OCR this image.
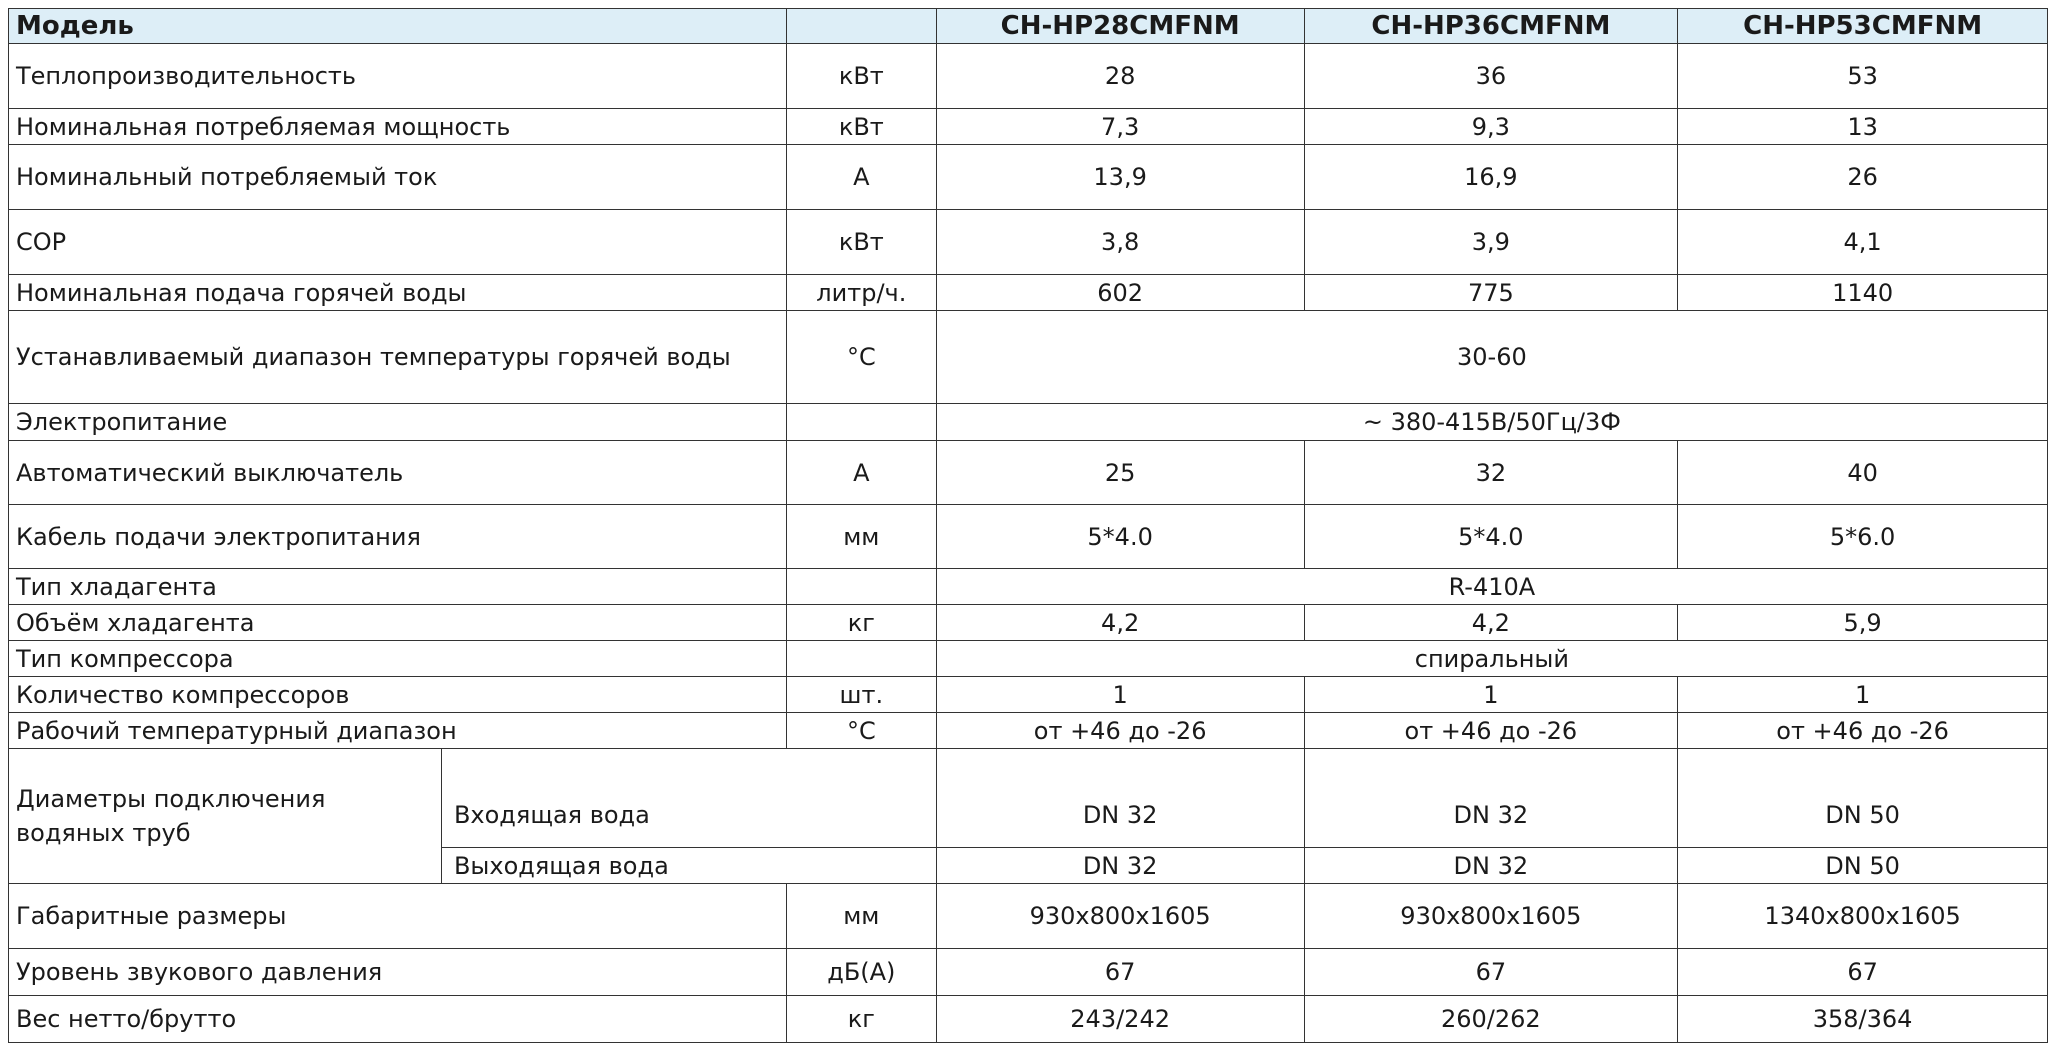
Модель			CH-HP28CMFNM	CH-HP36CMFNM	CH-HP53CMFNM
Теплопроизводительность		кВт	28	36	53
Номинальная потребляемая мощность		кВт	7,3	9,3	13
Номинальный потребляемый ток		А	13,9	16,9	26
COP		кВт	3,8	3,9	4,1
Номинальная подача горячей воды		литр/ч.	602	775	1140
Устанавливаемый диапазон температуры горячей воды		°C	30-60		
Электропитание			~ 380-415В/50Гц/3Ф		
Автоматический выключатель		А	25	32	40
Кабель подачи электропитания		мм	5*4.0	5*4.0	5*6.0
Тип хладагента			R-410A		
Объём хладагента		кг	4,2	4,2	5,9
Тип компрессора			спиральный		
Количество компрессоров		шт.	1	1	1
Рабочий температурный диапазон		°C	от +46 до -26	от +46 до -26	от +46 до -26
Диаметры подключения водяных труб					
	Входящая вода		DN 32	DN 32	DN 50
	Выходящая вода		DN 32	DN 32	DN 50
Габаритные размеры		мм	930x800x1605	930x800x1605	1340x800x1605
Уровень звукового давления		дБ(А)	67	67	67
Вес нетто/брутто		кг	243/242	260/262	358/364
